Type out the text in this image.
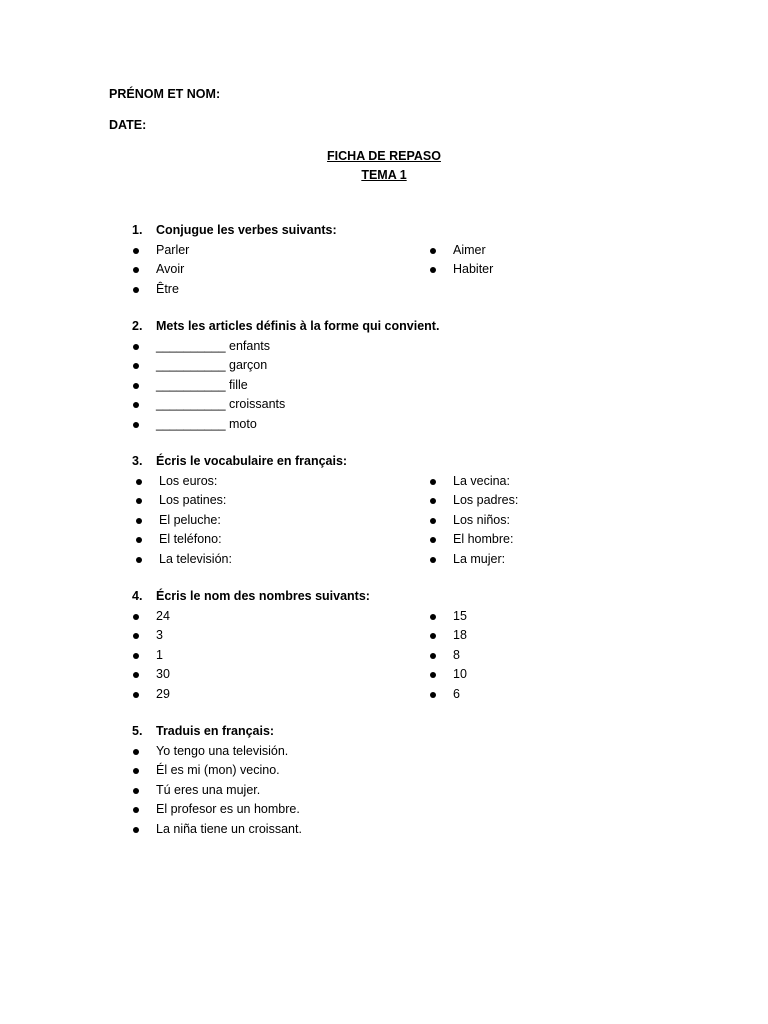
PRÉNOM ET NOM:
DATE:
FICHA DE REPASO
TEMA 1
1. Conjugue les verbes suivants:
Parler
Avoir
Être
Aimer
Habiter
2. Mets les articles définis à la forme qui convient.
__________ enfants
__________ garçon
__________ fille
__________ croissants
__________ moto
3. Écris le vocabulaire en français:
Los euros:
Los patines:
El peluche:
El teléfono:
La televisión:
La vecina:
Los padres:
Los niños:
El hombre:
La mujer:
4. Écris le nom des nombres suivants:
24
3
1
30
29
15
18
8
10
6
5. Traduis en français:
Yo tengo una televisión.
Él es mi (mon) vecino.
Tú eres una mujer.
El profesor es un hombre.
La niña tiene un croissant.
